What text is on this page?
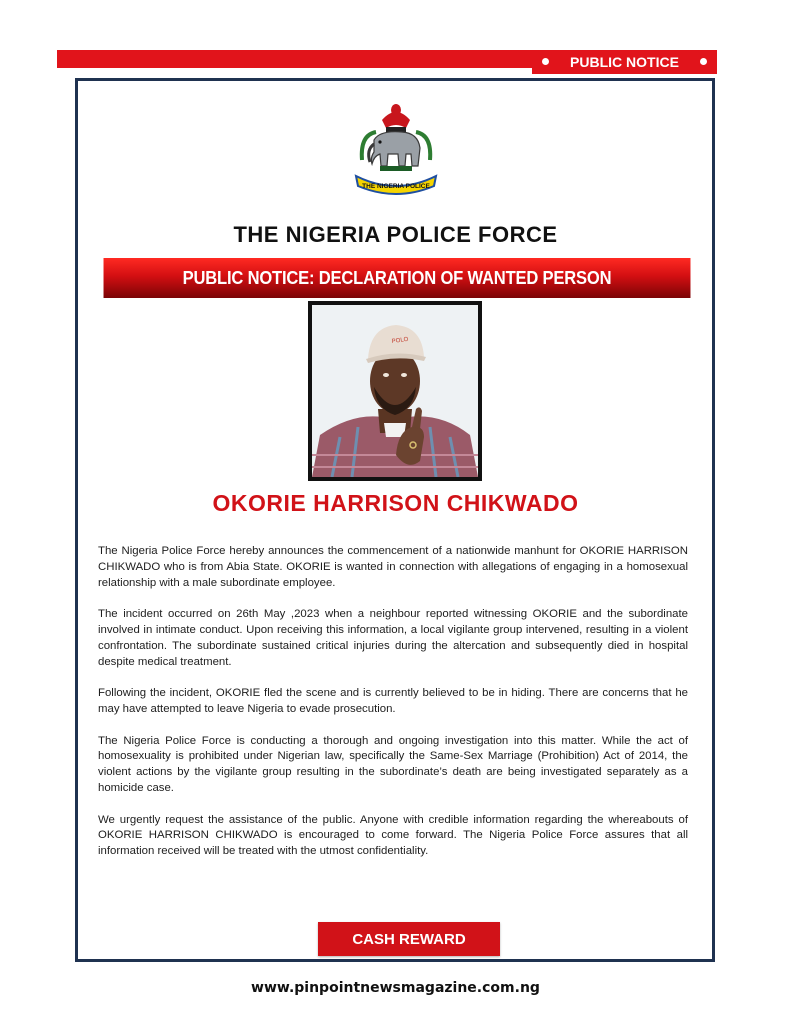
PUBLIC NOTICE
THE NIGERIA POLICE
THE NIGERIA POLICE FORCE
PUBLIC NOTICE: DECLARATION OF WANTED PERSON
POLO
OKORIE HARRISON CHIKWADO

The Nigeria Police Force hereby announces the commencement of a nationwide manhunt for OKORIE HARRISON CHIKWADO who is from Abia State. OKORIE is wanted in connection with allegations of engaging in a homosexual relationship with a male subordinate employee.

The incident occurred on 26th May ,2023 when a neighbour reported witnessing OKORIE and the subordinate involved in intimate conduct. Upon receiving this information, a local vigilante group intervened, resulting in a violent confrontation. The subordinate sustained critical injuries during the altercation and subsequently died in hospital despite medical treatment.

Following the incident, OKORIE fled the scene and is currently believed to be in hiding. There are concerns that he may have attempted to leave Nigeria to evade prosecution.

The Nigeria Police Force is conducting a thorough and ongoing investigation into this matter. While the act of homosexuality is prohibited under Nigerian law, specifically the Same-Sex Marriage (Prohibition) Act of 2014, the violent actions by the vigilante group resulting in the subordinate’s death are being investigated separately as a homicide case.

We urgently request the assistance of the public. Anyone with credible information regarding the whereabouts of OKORIE HARRISON CHIKWADO is encouraged to come forward. The Nigeria Police Force assures that all information received will be treated with the utmost confidentiality.

CASH REWARD
www.pinpointnewsmagazine.com.ng
